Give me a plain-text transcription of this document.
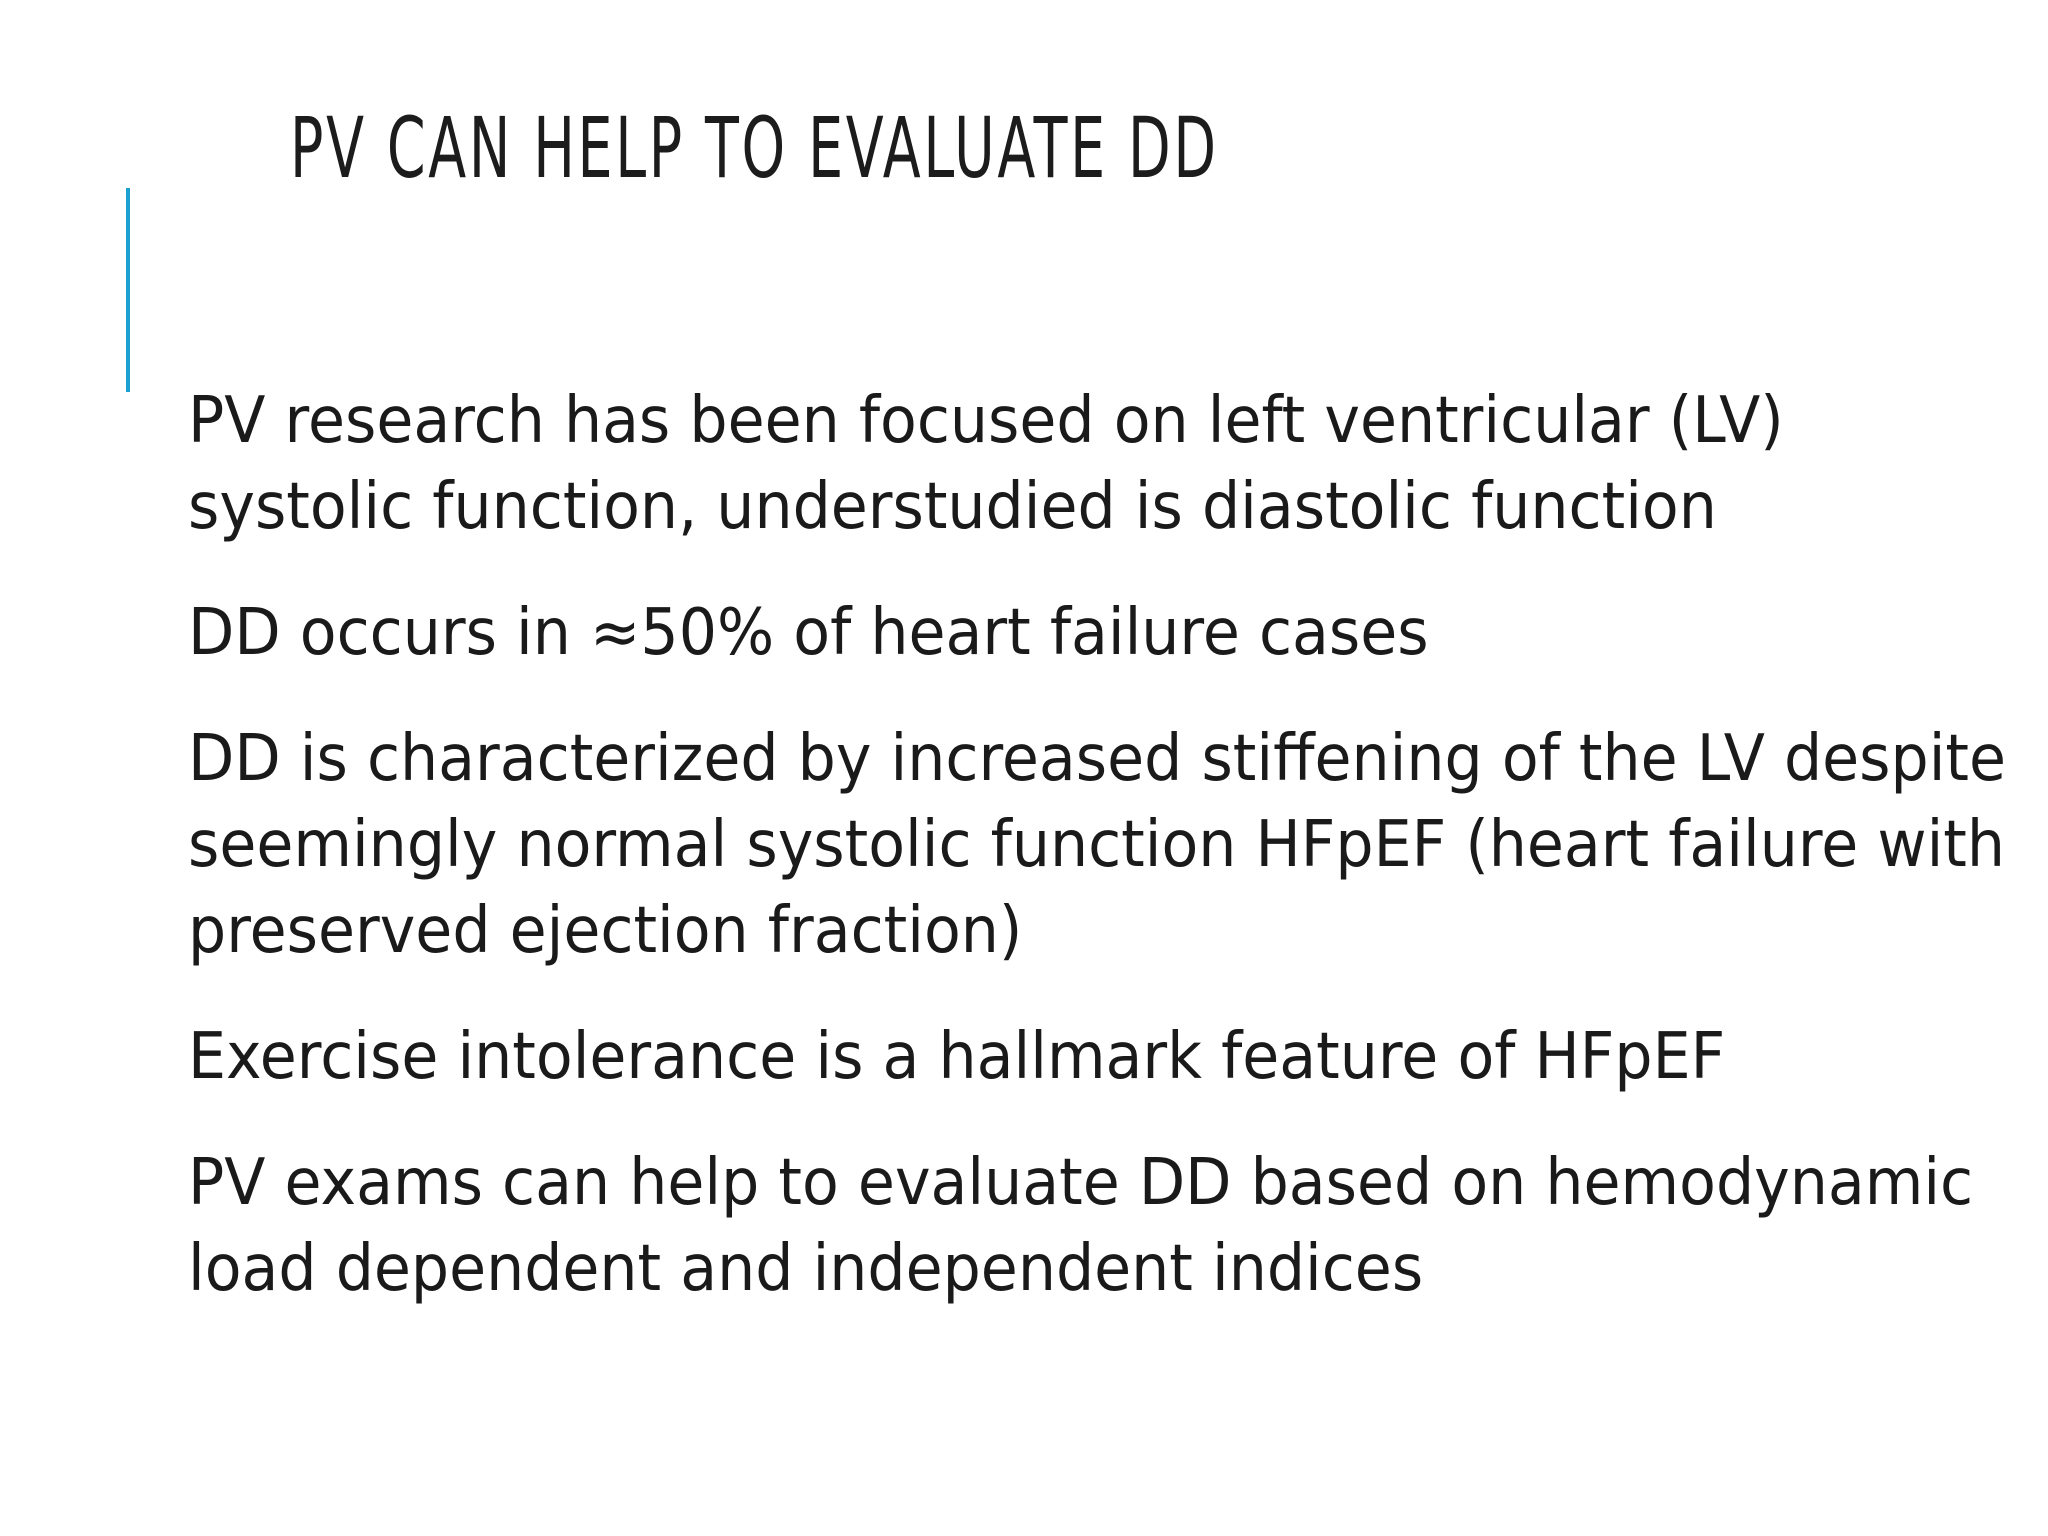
PV CAN HELP TO EVALUATE DD
PV research has been focused on left ventricular (LV) systolic function, understudied is diastolic function
DD occurs in ≈50% of heart failure cases
DD is characterized by increased stiffening of the LV despite seemingly normal systolic function HFpEF (heart failure with preserved ejection fraction)
Exercise intolerance is a hallmark feature of HFpEF
PV exams can help to evaluate DD based on hemodynamic load dependent and independent indices
